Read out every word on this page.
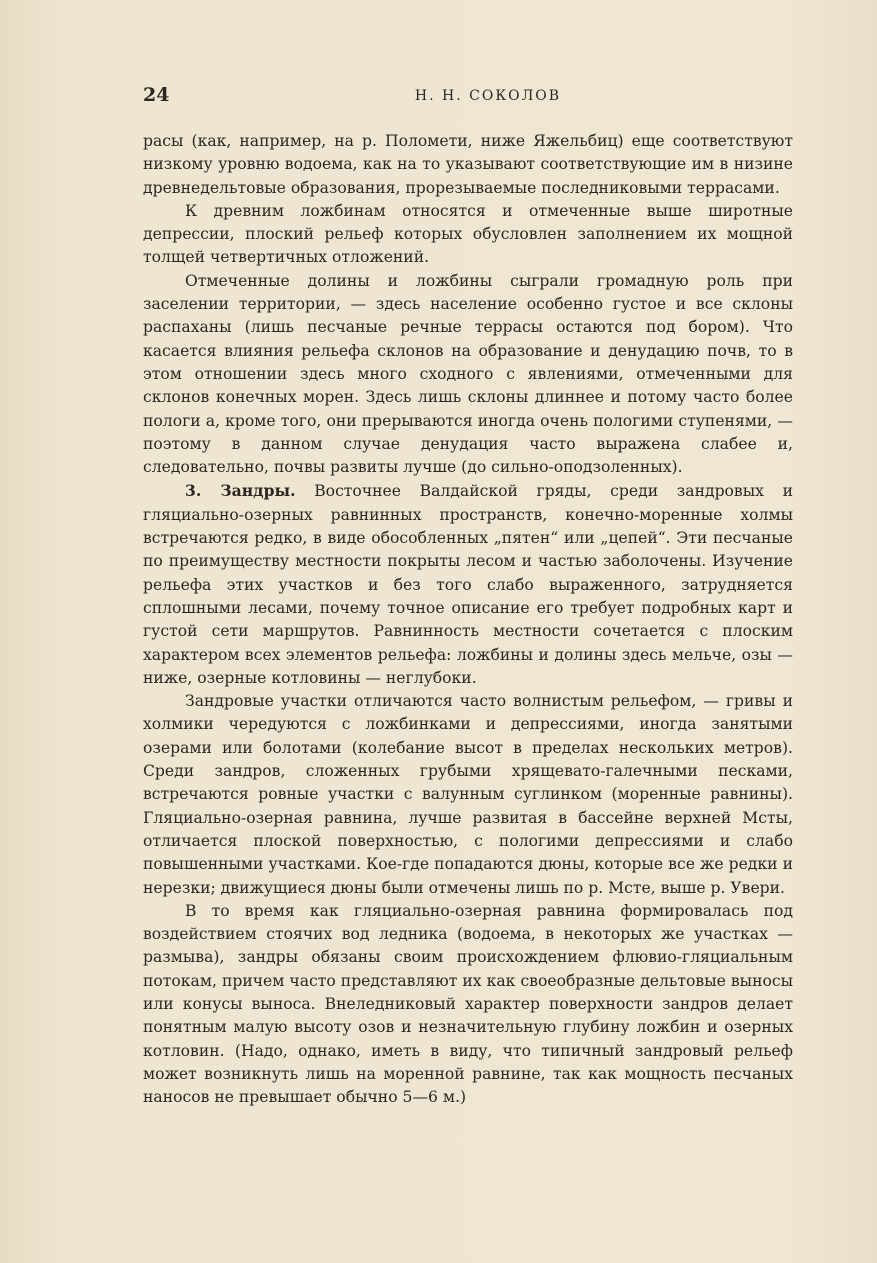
24	Н. Н. СОКОЛОВ

расы (как, например, на р. Поломети, ниже Яжельбиц) еще соответствуют низкому уровню водоема, как на то указывают соответствующие им в низине древнедельтовые образования, прорезываемые последниковыми террасами.

К древним ложбинам относятся и отмеченные выше широтные депрессии, плоский рельеф которых обусловлен заполнением их мощной толщей четвертичных отложений.

Отмеченные долины и ложбины сыграли громадную роль при заселении территории, — здесь население особенно густое и все склоны распаханы (лишь песчаные речные террасы остаются под бором). Что касается влияния рельефа склонов на образование и денудацию почв, то в этом отношении здесь много сходного с явлениями, отмеченными для склонов конечных морен. Здесь лишь склоны длиннее и потому часто более пологи а, кроме того, они прерываются иногда очень пологими ступенями, — поэтому в данном случае денудация часто выражена слабее и, следовательно, почвы развиты лучше (до сильно-оподзоленных).

3. Зандры. Восточнее Валдайской гряды, среди зандровых и гляциально-озерных равнинных пространств, конечно-моренные холмы встречаются редко, в виде обособленных „пятен“ или „цепей“. Эти песчаные по преимуществу местности покрыты лесом и частью заболочены. Изучение рельефа этих участков и без того слабо выраженного, затрудняется сплошными лесами, почему точное описание его требует подробных карт и густой сети маршрутов. Равнинность местности сочетается с плоским характером всех элементов рельефа: ложбины и долины здесь мельче, озы — ниже, озерные котловины — неглубоки.

Зандровые участки отличаются часто волнистым рельефом, — гривы и холмики чередуются с ложбинками и депрессиями, иногда занятыми озерами или болотами (колебание высот в пределах нескольких метров). Среди зандров, сложенных грубыми хрящевато-галечными песками, встречаются ровные участки с валунным суглинком (моренные равнины). Гляциально-озерная равнина, лучше развитая в бассейне верхней Мсты, отличается плоской поверхностью, с пологими депрессиями и слабо повышенными участками. Кое-где попадаются дюны, которые все же редки и нерезки; движущиеся дюны были отмечены лишь по р. Мсте, выше р. Увери.

В то время как гляциально-озерная равнина формировалась под воздействием стоячих вод ледника (водоема, в некоторых же участках — размыва), зандры обязаны своим происхождением флювио-гляциальным потокам, причем часто представляют их как своеобразные дельтовые выносы или конусы выноса. Внеледниковый характер поверхности зандров делает понятным малую высоту озов и незначительную глубину ложбин и озерных котловин. (Надо, однако, иметь в виду, что типичный зандровый рельеф может возникнуть лишь на моренной равнине, так как мощность песчаных наносов не превышает обычно 5—6 м.)
